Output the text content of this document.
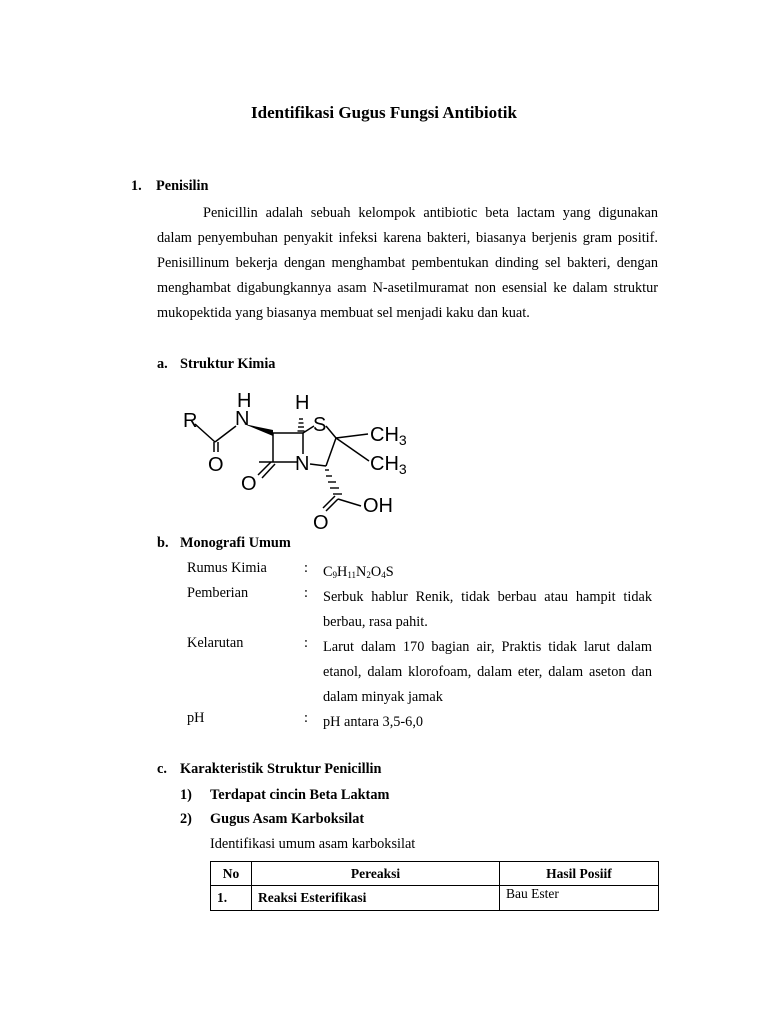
Identifikasi Gugus Fungsi Antibiotik
1. Penisilin
Penicillin adalah sebuah kelompok antibiotic beta lactam yang digunakan dalam penyembuhan penyakit infeksi karena bakteri, biasanya berjenis gram positif. Penisillinum bekerja dengan menghambat pembentukan dinding sel bakteri, dengan menghambat digabungkannya asam N-asetilmuramat non esensial ke dalam struktur mukopektida yang biasanya membuat sel menjadi kaku dan kuat.
a. Struktur Kimia
R N
H H
S
O
O
N
$CH_3$
$CH_3$
O
OH
b. Monografi Umum
Rumus Kimia	: $C_9H_{11}N_2O_4S$
Pemberian	: Serbuk hablur Renik, tidak berbau atau hampit tidak berbau, rasa pahit.
Kelarutan	: Larut dalam 170 bagian air, Praktis tidak larut dalam etanol, dalam klorofoam, dalam eter, dalam aseton dan dalam minyak jamak
pH	: pH antara 3,5-6,0
c. Karakteristik Struktur Penicillin
1) Terdapat cincin Beta Laktam
2) Gugus Asam Karboksilat
Identifikasi umum asam karboksilat
No	Pereaksi	Hasil Posiif
1.	Reaksi Esterifikasi	Bau Ester
